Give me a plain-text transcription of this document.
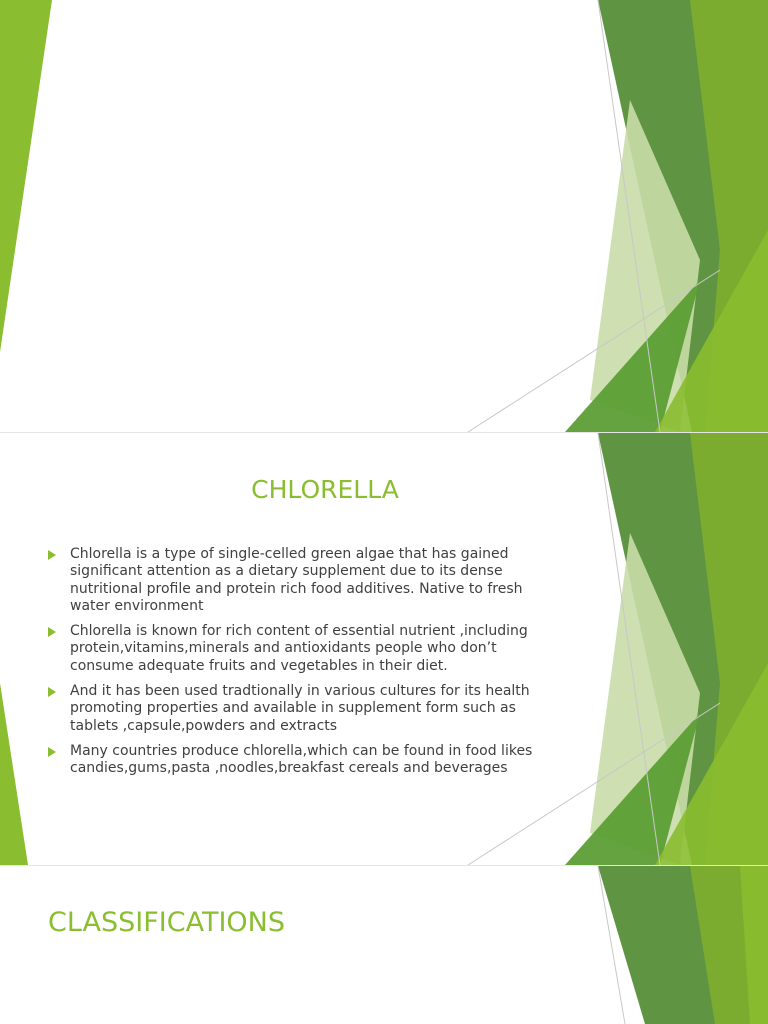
CHLORELLA
Chlorella is a type of single-celled green algae that has gained significant attention as a dietary supplement due to its dense nutritional profile and protein rich food additives. Native to fresh water environment
Chlorella is known for rich content of essential nutrient ,including protein,vitamins,minerals and antioxidants people who don’t consume adequate fruits and vegetables in their diet.
And it has been used tradtionally in various cultures for its health promoting properties and available in supplement form such as tablets ,capsule,powders and extracts
Many countries produce chlorella,which can be found in food likes candies,gums,pasta ,noodles,breakfast cereals and beverages
CLASSIFICATIONS
